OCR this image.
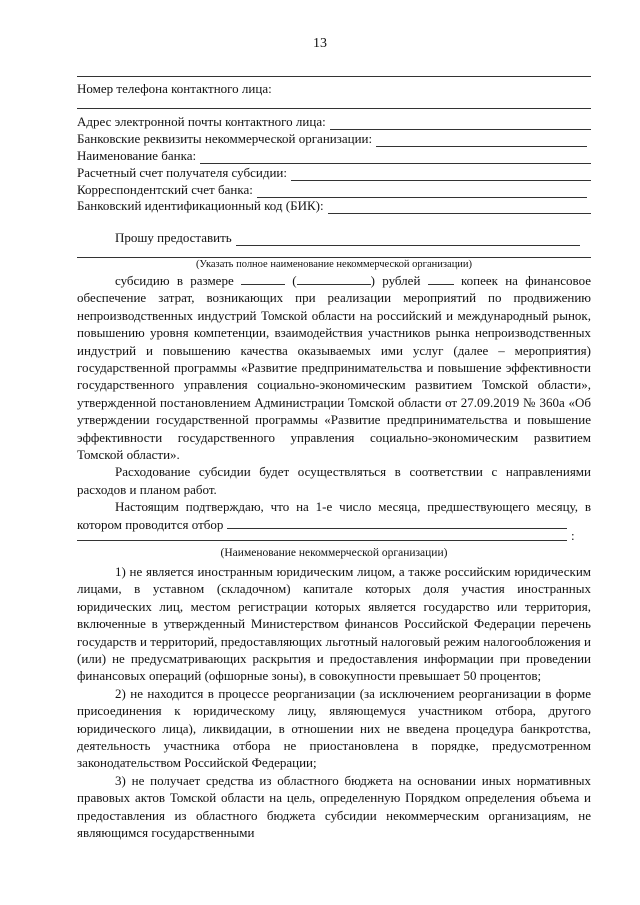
13
Номер телефона контактного лица:
Адрес электронной почты контактного лица:
Банковские реквизиты некоммерческой организации:
Наименование банка:
Расчетный счет получателя субсидии:
Корреспондентский счет банка:
Банковский идентификационный код (БИК):
Прошу предоставить
(Указать полное наименование некоммерческой организации)

субсидию в размере	(	) рублей	копеек на финансовое обеспечение затрат, возникающих при реализации мероприятий по продвижению непроизводственных индустрий Томской области на российский и международный рынок, повышению уровня компетенции, взаимодействия участников рынка непроизводственных индустрий и повышению качества оказываемых ими услуг (далее – мероприятия) государственной программы «Развитие предпринимательства и повышение эффективности государственного управления социально-экономическим развитием Томской области», утвержденной постановлением Администрации Томской области от 27.09.2019 № 360а «Об утверждении государственной программы «Развитие предпринимательства и повышение эффективности государственного управления социально-экономическим развитием Томской области».

Расходование субсидии будет осуществляться в соответствии с направлениями расходов и планом работ.

Настоящим подтверждаю, что на 1-е число месяца, предшествующего месяцу, в котором проводится отбор

:
(Наименование некоммерческой организации)

1) не является иностранным юридическим лицом, а также российским юридическим лицами, в уставном (складочном) капитале которых доля участия иностранных юридических лиц, местом регистрации которых является государство или территория, включенные в утвержденный Министерством финансов Российской Федерации перечень государств и территорий, предоставляющих льготный налоговый режим налогообложения и (или) не предусматривающих раскрытия и предоставления информации при проведении финансовых операций (офшорные зоны), в совокупности превышает 50 процентов;

2) не находится в процессе реорганизации (за исключением реорганизации в форме присоединения к юридическому лицу, являющемуся участником отбора, другого юридического лица), ликвидации, в отношении них не введена процедура банкротства, деятельность участника отбора не приостановлена в порядке, предусмотренном законодательством Российской Федерации;

3) не получает средства из областного бюджета на основании иных нормативных правовых актов Томской области на цель, определенную Порядком определения объема и предоставления из областного бюджета субсидии некоммерческим организациям, не являющимся государственными
